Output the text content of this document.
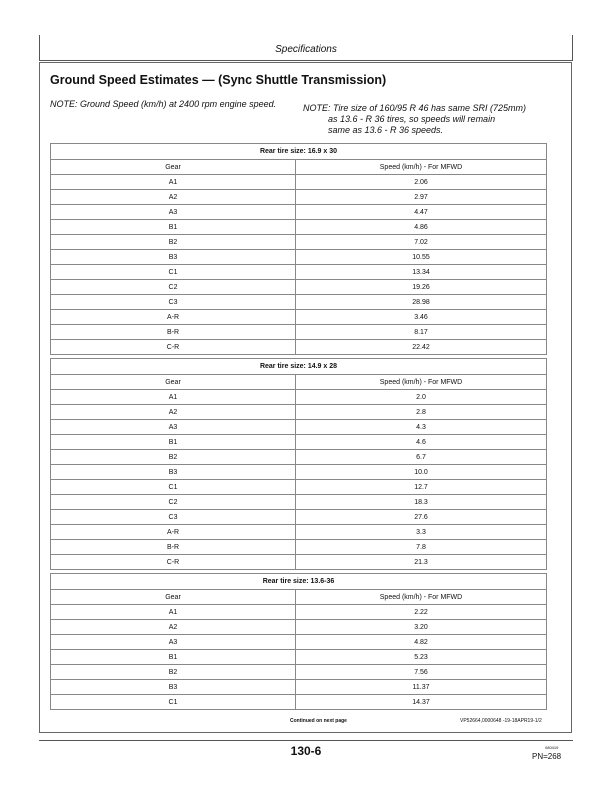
Specifications
Ground Speed Estimates — (Sync Shuttle Transmission)
NOTE: Ground Speed (km/h) at 2400 rpm engine speed.	NOTE: Tire size of 160/95 R 46 has same SRI (725mm)
as 13.6 - R 36 tires, so speeds will remain
same as 13.6 - R 36 speeds.
Rear tire size: 16.9 x 30	
Gear	Speed (km/h) - For MFWD
A1	2.06
A2	2.97
A3	4.47
B1	4.86
B2	7.02
B3	10.55
C1	13.34
C2	19.26
C3	28.98
A-R	3.46
B-R	8.17
C-R	22.42
Rear tire size: 14.9 x 28	
Gear	Speed (km/h) - For MFWD
A1	2.0
A2	2.8
A3	4.3
B1	4.6
B2	6.7
B3	10.0
C1	12.7
C2	18.3
C3	27.6
A-R	3.3
B-R	7.8
C-R	21.3
Rear tire size: 13.6-36	
Gear	Speed (km/h) - For MFWD
A1	2.22
A2	3.20
A3	4.82
B1	5.23
B2	7.56
B3	11.37
C1	14.37
Continued on next page	VP52664,0000648 -19-18APR19-1/2
130-6	080419
PN=268
